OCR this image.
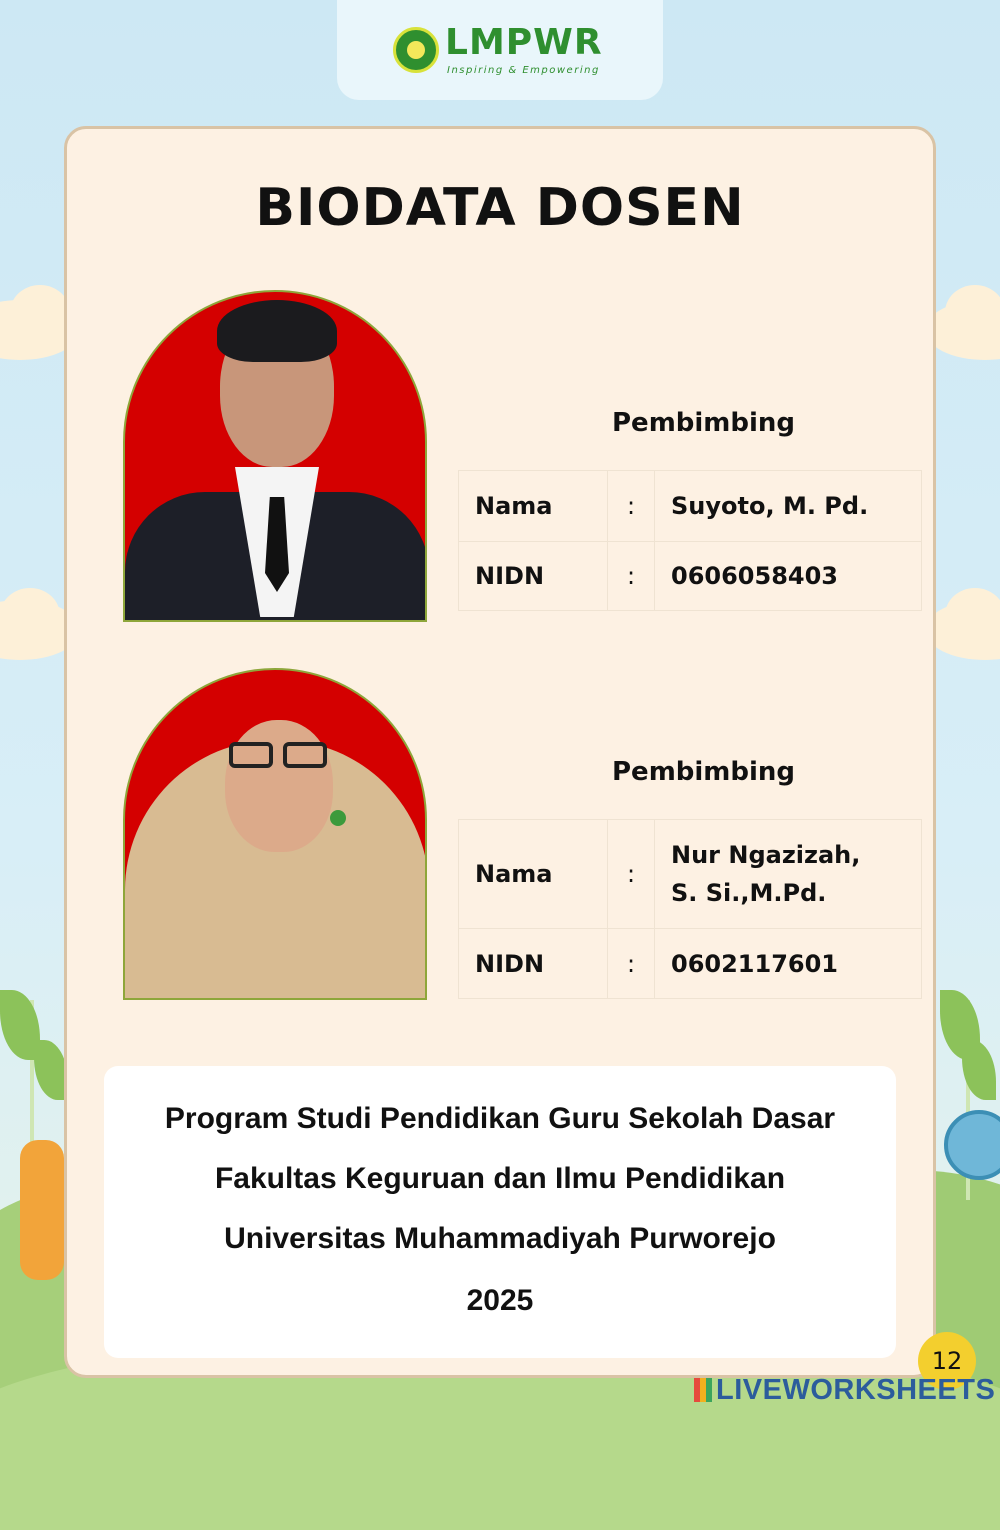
LMPWR
Inspiring & Empowering
BIODATA DOSEN
Pembimbing
Nama	:	Suyoto, M. Pd.
NIDN	:	0606058403
Pembimbing
Nama	:	Nur Ngazizah,
S. Si.,M.Pd.

NIDN	:	0602117601
Program Studi Pendidikan Guru Sekolah Dasar
Fakultas Keguruan dan Ilmu Pendidikan
Universitas Muhammadiyah Purworejo
2025
12
LIVEWORKSHEETS
